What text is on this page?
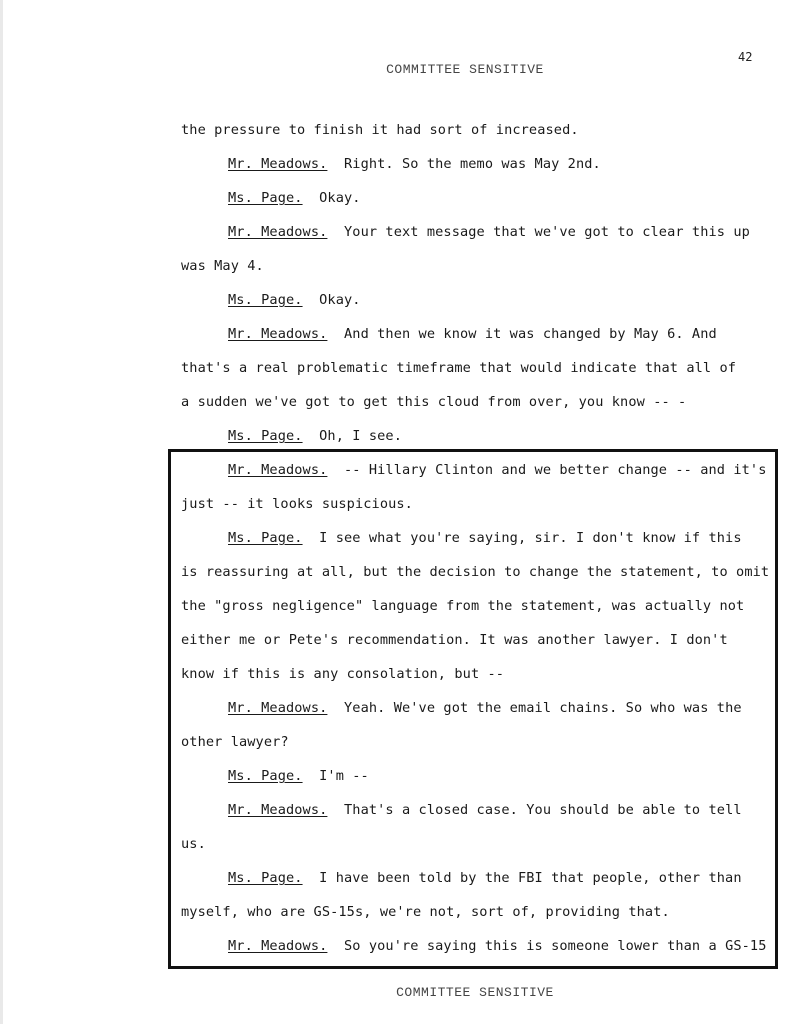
42
COMMITTEE SENSITIVE
the pressure to finish it had sort of increased.
Mr. Meadows. Right. So the memo was May 2nd.
Ms. Page. Okay.
Mr. Meadows. Your text message that we've got to clear this up
was May 4.
Ms. Page. Okay.
Mr. Meadows. And then we know it was changed by May 6. And
that's a real problematic timeframe that would indicate that all of
a sudden we've got to get this cloud from over, you know -- -
Ms. Page. Oh, I see.
Mr. Meadows. -- Hillary Clinton and we better change -- and it's
just -- it looks suspicious.
Ms. Page. I see what you're saying, sir. I don't know if this
is reassuring at all, but the decision to change the statement, to omit
the "gross negligence" language from the statement, was actually not
either me or Pete's recommendation. It was another lawyer. I don't
know if this is any consolation, but --
Mr. Meadows. Yeah. We've got the email chains. So who was the
other lawyer?
Ms. Page. I'm --
Mr. Meadows. That's a closed case. You should be able to tell
us.
Ms. Page. I have been told by the FBI that people, other than
myself, who are GS-15s, we're not, sort of, providing that.
Mr. Meadows. So you're saying this is someone lower than a GS-15
COMMITTEE SENSITIVE
